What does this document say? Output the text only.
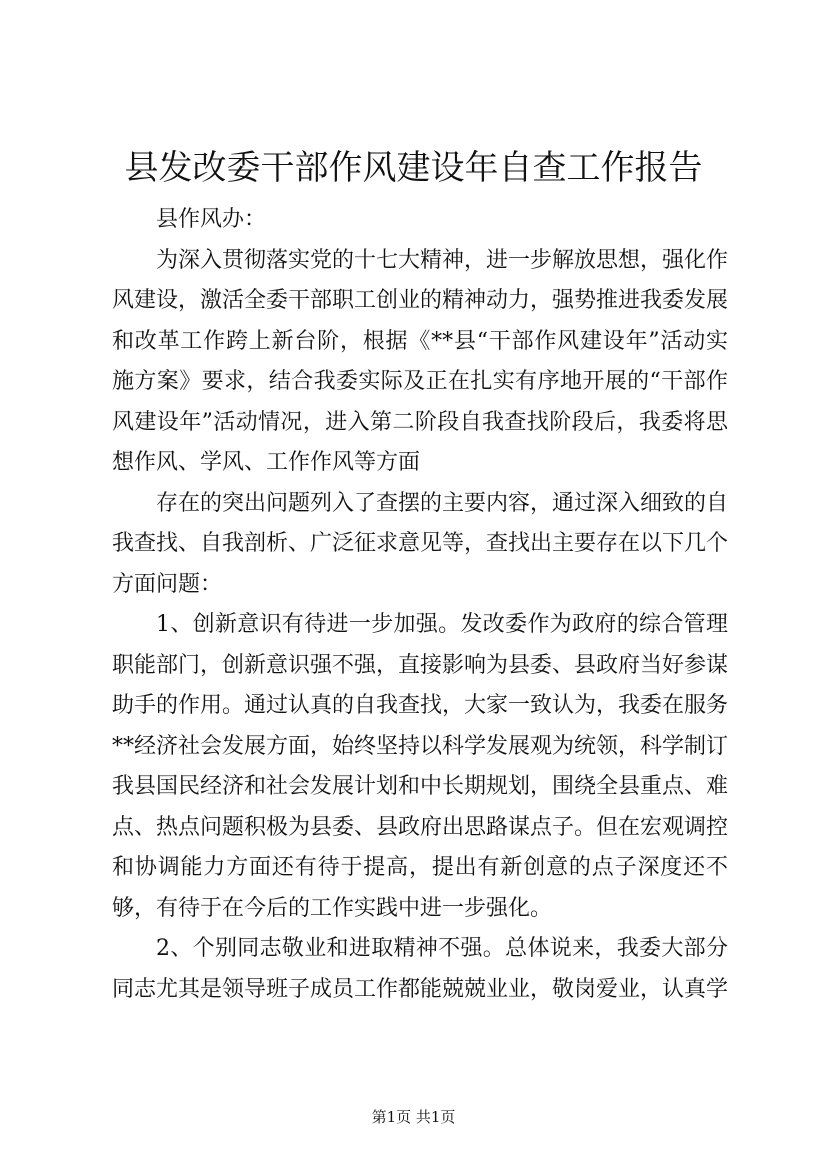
县发改委干部作风建设年自查工作报告

县作风办：

为深入贯彻落实党的十七大精神，进一步解放思想，强化作风建设，激活全委干部职工创业的精神动力，强势推进我委发展和改革工作跨上新台阶，根据《**县“干部作风建设年”活动实施方案》要求，结合我委实际及正在扎实有序地开展的“干部作风建设年”活动情况，进入第二阶段自我查找阶段后，我委将思想作风、学风、工作作风等方面

存在的突出问题列入了查摆的主要内容，通过深入细致的自我查找、自我剖析、广泛征求意见等，查找出主要存在以下几个方面问题：

1、创新意识有待进一步加强。发改委作为政府的综合管理职能部门，创新意识强不强，直接影响为县委、县政府当好参谋助手的作用。通过认真的自我查找，大家一致认为，我委在服务**经济社会发展方面，始终坚持以科学发展观为统领，科学制订我县国民经济和社会发展计划和中长期规划，围绕全县重点、难点、热点问题积极为县委、县政府出思路谋点子。但在宏观调控和协调能力方面还有待于提高，提出有新创意的点子深度还不够，有待于在今后的工作实践中进一步强化。

2、个别同志敬业和进取精神不强。总体说来，我委大部分同志尤其是领导班子成员工作都能兢兢业业，敬岗爱业，认真学

第1页 共1页
